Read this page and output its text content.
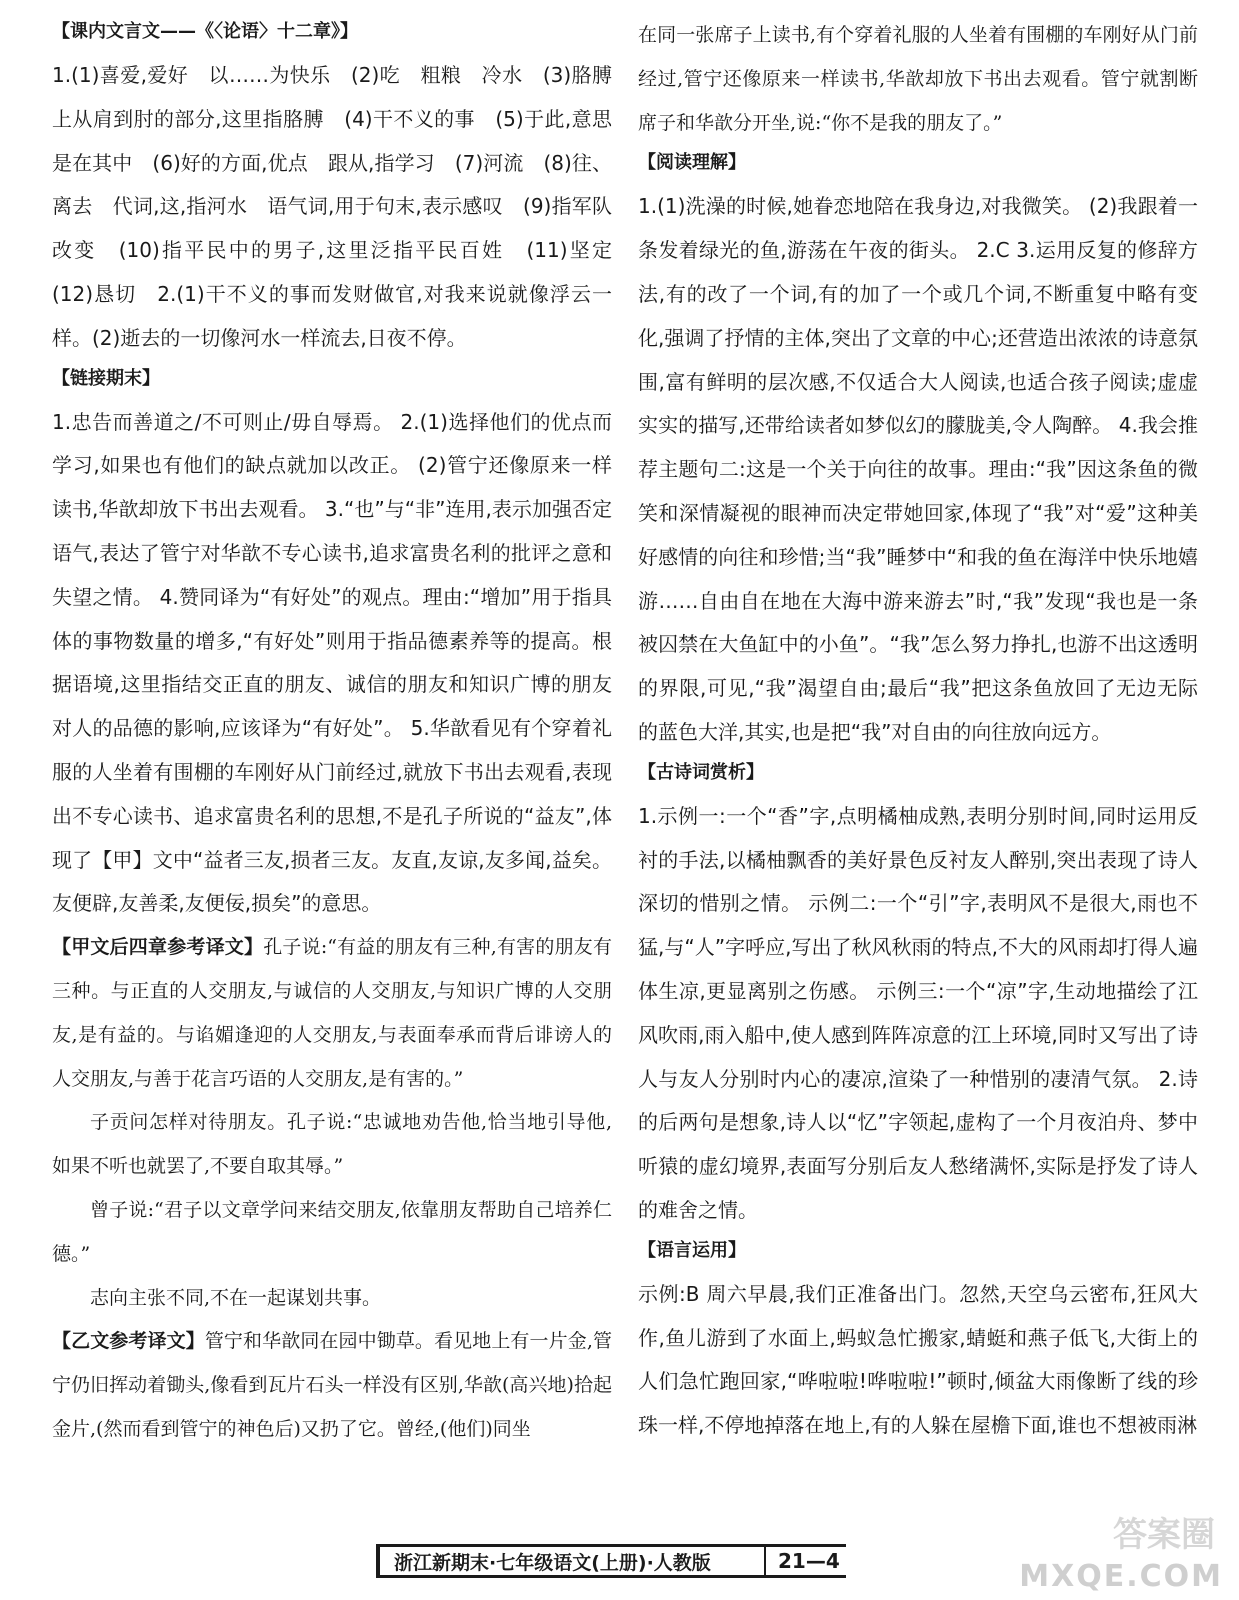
【课内文言文——《〈论语〉十二章》】

1.(1)喜爱,爱好　以……为快乐　(2)吃　粗粮　冷水　(3)胳膊上从肩到肘的部分,这里指胳膊　(4)干不义的事　(5)于此,意思是在其中　(6)好的方面,优点　跟从,指学习　(7)河流　(8)往、离去　代词,这,指河水　语气词,用于句末,表示感叹　(9)指军队改变　(10)指平民中的男子,这里泛指平民百姓　(11)坚定　(12)恳切　2.(1)干不义的事而发财做官,对我来说就像浮云一样。(2)逝去的一切像河水一样流去,日夜不停。

【链接期末】

1.忠告而善道之/不可则止/毋自辱焉。 2.(1)选择他们的优点而学习,如果也有他们的缺点就加以改正。 (2)管宁还像原来一样读书,华歆却放下书出去观看。 3.“也”与“非”连用,表示加强否定语气,表达了管宁对华歆不专心读书,追求富贵名利的批评之意和失望之情。 4.赞同译为“有好处”的观点。理由:“增加”用于指具体的事物数量的增多,“有好处”则用于指品德素养等的提高。根据语境,这里指结交正直的朋友、诚信的朋友和知识广博的朋友对人的品德的影响,应该译为“有好处”。 5.华歆看见有个穿着礼服的人坐着有围棚的车刚好从门前经过,就放下书出去观看,表现出不专心读书、追求富贵名利的思想,不是孔子所说的“益友”,体现了【甲】文中“益者三友,损者三友。友直,友谅,友多闻,益矣。友便辟,友善柔,友便佞,损矣”的意思。

【甲文后四章参考译文】孔子说:“有益的朋友有三种,有害的朋友有三种。与正直的人交朋友,与诚信的人交朋友,与知识广博的人交朋友,是有益的。与谄媚逢迎的人交朋友,与表面奉承而背后诽谤人的人交朋友,与善于花言巧语的人交朋友,是有害的。”

子贡问怎样对待朋友。孔子说:“忠诚地劝告他,恰当地引导他,如果不听也就罢了,不要自取其辱。”

曾子说:“君子以文章学问来结交朋友,依靠朋友帮助自己培养仁德。”

志向主张不同,不在一起谋划共事。

【乙文参考译文】管宁和华歆同在园中锄草。看见地上有一片金,管宁仍旧挥动着锄头,像看到瓦片石头一样没有区别,华歆(高兴地)拾起金片,(然而看到管宁的神色后)又扔了它。曾经,(他们)同坐

在同一张席子上读书,有个穿着礼服的人坐着有围棚的车刚好从门前经过,管宁还像原来一样读书,华歆却放下书出去观看。管宁就割断席子和华歆分开坐,说:“你不是我的朋友了。”

【阅读理解】

1.(1)洗澡的时候,她眷恋地陪在我身边,对我微笑。 (2)我跟着一条发着绿光的鱼,游荡在午夜的街头。 2.C 3.运用反复的修辞方法,有的改了一个词,有的加了一个或几个词,不断重复中略有变化,强调了抒情的主体,突出了文章的中心;还营造出浓浓的诗意氛围,富有鲜明的层次感,不仅适合大人阅读,也适合孩子阅读;虚虚实实的描写,还带给读者如梦似幻的朦胧美,令人陶醉。 4.我会推荐主题句二:这是一个关于向往的故事。理由:“我”因这条鱼的微笑和深情凝视的眼神而决定带她回家,体现了“我”对“爱”这种美好感情的向往和珍惜;当“我”睡梦中“和我的鱼在海洋中快乐地嬉游……自由自在地在大海中游来游去”时,“我”发现“我也是一条被囚禁在大鱼缸中的小鱼”。“我”怎么努力挣扎,也游不出这透明的界限,可见,“我”渴望自由;最后“我”把这条鱼放回了无边无际的蓝色大洋,其实,也是把“我”对自由的向往放向远方。

【古诗词赏析】

1.示例一:一个“香”字,点明橘柚成熟,表明分别时间,同时运用反衬的手法,以橘柚飘香的美好景色反衬友人醉别,突出表现了诗人深切的惜别之情。 示例二:一个“引”字,表明风不是很大,雨也不猛,与“人”字呼应,写出了秋风秋雨的特点,不大的风雨却打得人遍体生凉,更显离别之伤感。 示例三:一个“凉”字,生动地描绘了江风吹雨,雨入船中,使人感到阵阵凉意的江上环境,同时又写出了诗人与友人分别时内心的凄凉,渲染了一种惜别的凄清气氛。 2.诗的后两句是想象,诗人以“忆”字领起,虚构了一个月夜泊舟、梦中听猿的虚幻境界,表面写分别后友人愁绪满怀,实际是抒发了诗人的难舍之情。

【语言运用】

示例:B 周六早晨,我们正准备出门。忽然,天空乌云密布,狂风大作,鱼儿游到了水面上,蚂蚁急忙搬家,蜻蜓和燕子低飞,大街上的人们急忙跑回家,“哗啦啦!哗啦啦!”顿时,倾盆大雨像断了线的珍珠一样,不停地掉落在地上,有的人躲在屋檐下面,谁也不想被雨淋

浙江新期末·七年级语文(上册)·人教版	21—4
答案圈
MXQE.COM
